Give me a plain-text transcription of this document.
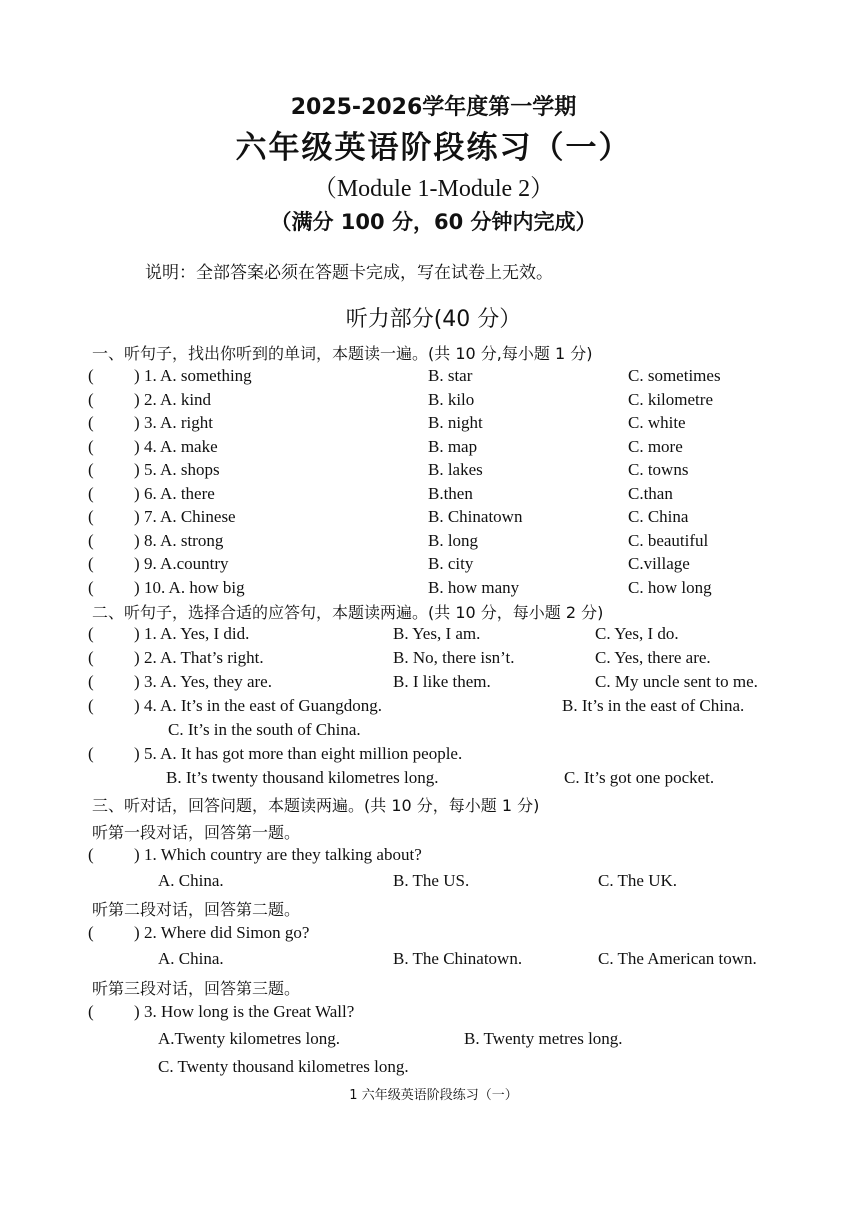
2025-2026学年度第一学期
六年级英语阶段练习（一）
（Module 1-Module 2）
（满分 100 分，60 分钟内完成）
说明：全部答案必须在答题卡完成，写在试卷上无效。
听力部分(40 分）
一、听句子，找出你听到的单词，本题读一遍。(共 10 分,每小题 1 分)
( ) 1. A. something	B. star	C. sometimes
( ) 2. A. kind	B. kilo	C. kilometre
( ) 3. A. right	B. night	C. white
( ) 4. A. make	B. map	C. more
( ) 5. A. shops	B. lakes	C. towns
( ) 6. A. there	B.then	C.than
( ) 7. A. Chinese	B. Chinatown	C. China
( ) 8. A. strong	B. long	C. beautiful
( ) 9. A.country	B. city	C.village
( ) 10. A. how big	B. how many	C. how long
二、听句子，选择合适的应答句，本题读两遍。(共 10 分，每小题 2 分)
( ) 1. A. Yes, I did.	B. Yes, I am.	C. Yes, I do.
( ) 2. A. That’s right.	B. No, there isn’t.	C. Yes, there are.
( ) 3. A. Yes, they are.	B. I like them.	C. My uncle sent to me.
( ) 4. A. It’s in the east of Guangdong.	B. It’s in the east of China.
C. It’s in the south of China.
( ) 5. A. It has got more than eight million people.
B. It’s twenty thousand kilometres long.	C. It’s got one pocket.
三、听对话，回答问题，本题读两遍。(共 10 分，每小题 1 分)
听第一段对话，回答第一题。
( ) 1. Which country are they talking about?
A. China.	B. The US.	C. The UK.
听第二段对话，回答第二题。
( ) 2. Where did Simon go?
A. China.	B. The Chinatown.	C. The American town.
听第三段对话，回答第三题。
( ) 3. How long is the Great Wall?
A.Twenty kilometres long.	B. Twenty metres long.
C. Twenty thousand kilometres long.
1 六年级英语阶段练习（一）
